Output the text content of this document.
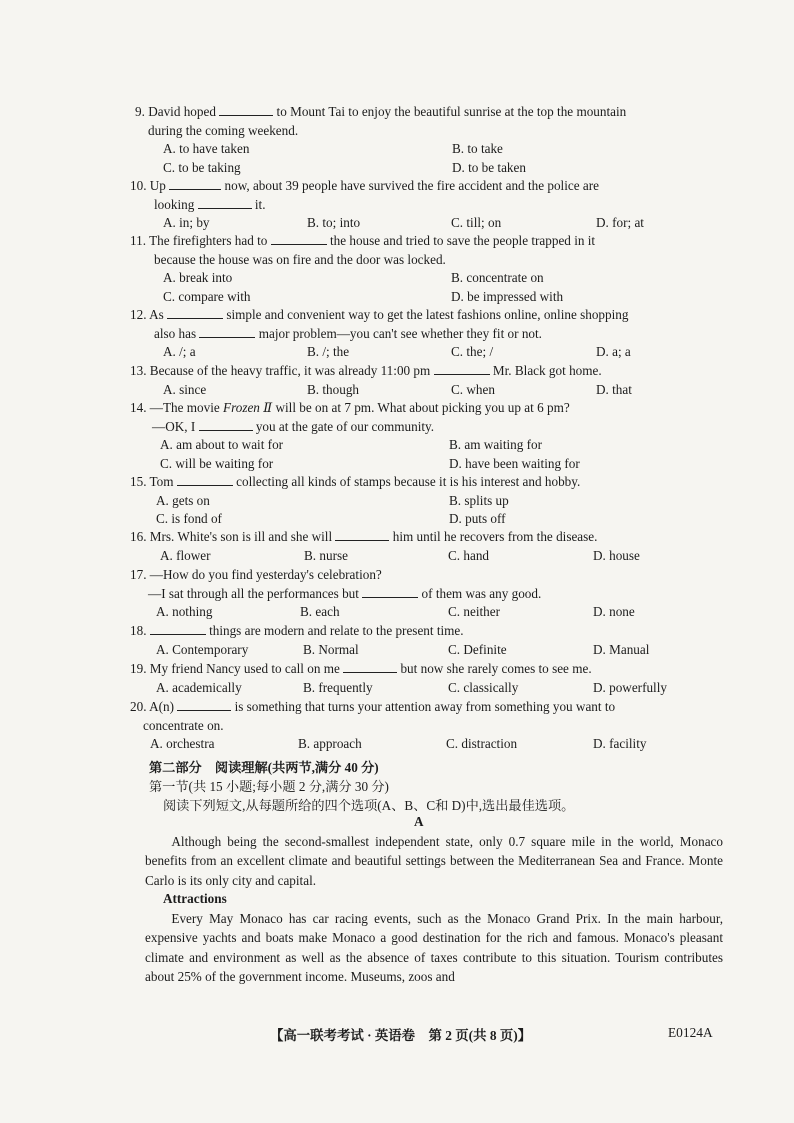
9. David hoped	to Mount Tai to enjoy the beautiful sunrise at the top the mountain
during the coming weekend.
A. to have taken	B. to take
C. to be taking	D. to be taken
10. Up	now, about 39 people have survived the fire accident and the police are
looking	it.
A. in; by	B. to; into	C. till; on	D. for; at
11. The firefighters had to	the house and tried to save the people trapped in it
because the house was on fire and the door was locked.
A. break into	B. concentrate on
C. compare with	D. be impressed with
12. As	simple and convenient way to get the latest fashions online, online shopping
also has	major problem—you can't see whether they fit or not.
A. /; a	B. /; the	C. the; /	D. a; a
13. Because of the heavy traffic, it was already 11:00 pm	Mr. Black got home.
A. since	B. though	C. when	D. that
14. —The movie Frozen Ⅱ will be on at 7 pm. What about picking you up at 6 pm?
—OK, I	you at the gate of our community.
A. am about to wait for	B. am waiting for
C. will be waiting for	D. have been waiting for
15. Tom	collecting all kinds of stamps because it is his interest and hobby.
A. gets on	B. splits up
C. is fond of	D. puts off
16. Mrs. White's son is ill and she will	him until he recovers from the disease.
A. flower	B. nurse	C. hand	D. house
17. —How do you find yesterday's celebration?
—I sat through all the performances but	of them was any good.
A. nothing	B. each	C. neither	D. none
18.	things are modern and relate to the present time.
A. Contemporary	B. Normal	C. Definite	D. Manual
19. My friend Nancy used to call on me	but now she rarely comes to see me.
A. academically	B. frequently	C. classically	D. powerfully
20. A(n)	is something that turns your attention away from something you want to
concentrate on.
A. orchestra	B. approach	C. distraction	D. facility
第二部分　阅读理解(共两节,满分 40 分)
第一节(共 15 小题;每小题 2 分,满分 30 分)
阅读下列短文,从每题所给的四个选项(A、B、C和 D)中,选出最佳选项。
A
Although being the second-smallest independent state, only 0.7 square mile in the world, Monaco benefits from an excellent climate and beautiful settings between the Mediterranean Sea and France. Monte Carlo is its only city and capital.
Attractions
Every May Monaco has car racing events, such as the Monaco Grand Prix. In the main harbour, expensive yachts and boats make Monaco a good destination for the rich and famous. Monaco's pleasant climate and environment as well as the absence of taxes contribute to this situation. Tourism contributes about 25% of the government income. Museums, zoos and
【高一联考考试 · 英语卷　第 2 页(共 8 页)】	E0124A
